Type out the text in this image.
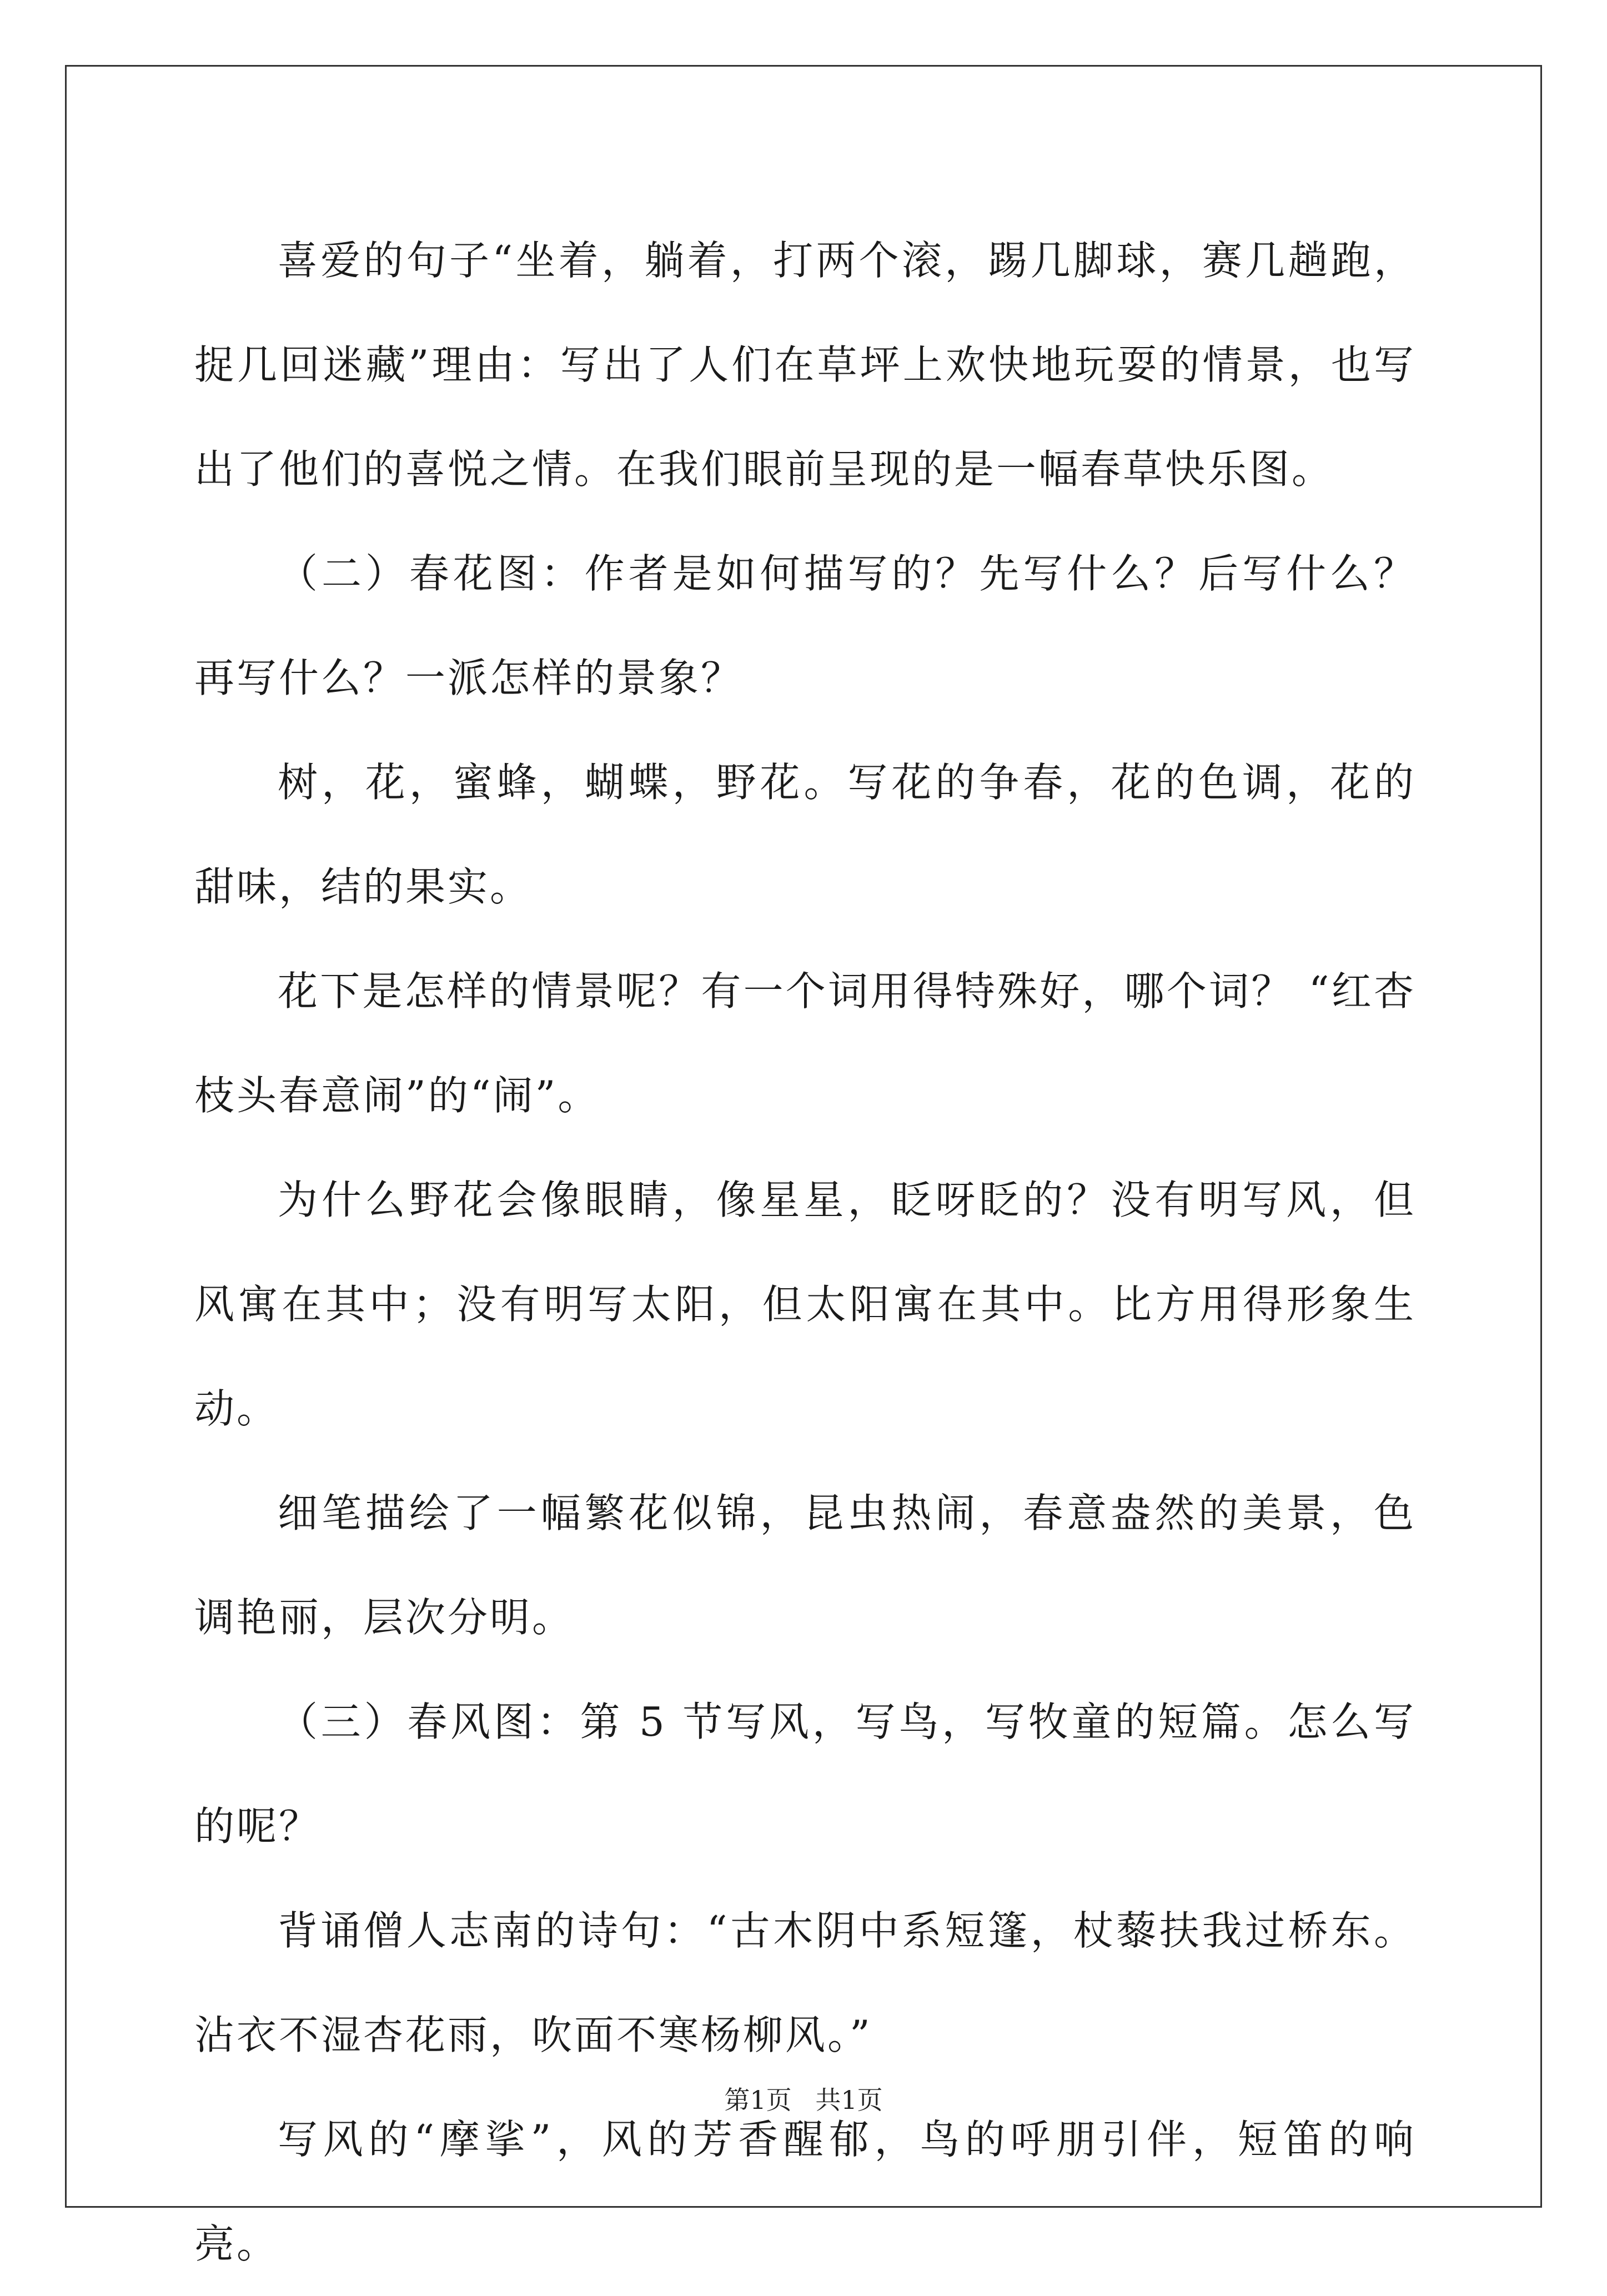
喜爱的句子“坐着，躺着，打两个滚，踢几脚球，赛几趟跑，捉几回迷藏”理由：写出了人们在草坪上欢快地玩耍的情景，也写出了他们的喜悦之情。在我们眼前呈现的是一幅春草快乐图。

（二）春花图：作者是如何描写的？先写什么？后写什么？再写什么？一派怎样的景象？

树，花，蜜蜂，蝴蝶，野花。写花的争春，花的色调，花的甜味，结的果实。

花下是怎样的情景呢？有一个词用得特殊好，哪个词？ “红杏枝头春意闹”的“闹”。

为什么野花会像眼睛，像星星，眨呀眨的？没有明写风，但风寓在其中；没有明写太阳，但太阳寓在其中。比方用得形象生动。

细笔描绘了一幅繁花似锦，昆虫热闹，春意盎然的美景，色调艳丽，层次分明。

（三）春风图：第 5 节写风，写鸟，写牧童的短篇。怎么写的呢？

背诵僧人志南的诗句：“古木阴中系短篷，杖藜扶我过桥东。沾衣不湿杏花雨，吹面不寒杨柳风。”

写风的“摩挲”，风的芳香醒郁，鸟的呼朋引伴，短笛的响亮。

第1页 共1页
